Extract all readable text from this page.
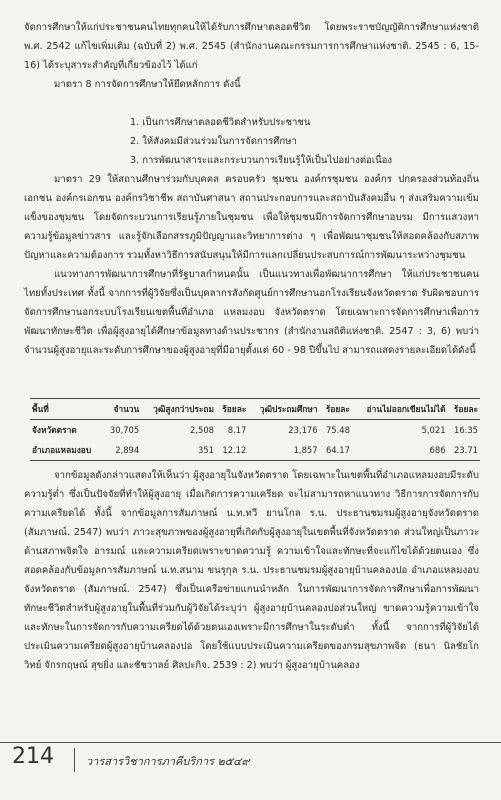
จัดการศึกษาให้แก่ประชาชนคนไทยทุกคนให้ได้รับการศึกษาตลอดชีวิต โดยพระราชบัญญัติการศึกษาแห่งชาติ พ.ศ. 2542 แก้ไขเพิ่มเติม (ฉบับที่ 2) พ.ศ. 2545 (สำนักงานคณะกรรมการการศึกษาแห่งชาติ. 2545 : 6, 15-16) ได้ระบุสาระสำคัญที่เกี่ยวข้องไว้ ได้แก่

มาตรา 8 การจัดการศึกษาให้ยึดหลักการ ดังนี้

1. เป็นการศึกษาตลอดชีวิตสำหรับประชาชน
2. ให้สังคมมีส่วนร่วมในการจัดการศึกษา
3. การพัฒนาสาระและกระบวนการเรียนรู้ให้เป็นไปอย่างต่อเนื่อง

มาตรา 29 ให้สถานศึกษาร่วมกับบุคคล ครอบครัว ชุมชน องค์กรชุมชน องค์กร ปกครองส่วนท้องถิ่น เอกชน องค์กรเอกชน องค์กรวิชาชีพ สถาบันศาสนา สถานประกอบการและสถาบันสังคมอื่น ๆ ส่งเสริมความเข้มแข็งของชุมชน โดยจัดกระบวนการเรียนรู้ภายในชุมชน เพื่อให้ชุมชนมีการจัดการศึกษาอบรม มีการแสวงหาความรู้ข้อมูลข่าวสาร และรู้จักเลือกสรรภูมิปัญญาและวิทยาการต่าง ๆ เพื่อพัฒนาชุมชนให้สอดคล้องกับสภาพปัญหาและความต้องการ รวมทั้งหาวิธีการสนับสนุนให้มีการแลกเปลี่ยนประสบการณ์การพัฒนาระหว่างชุมชน

แนวทางการพัฒนาการศึกษาที่รัฐบาลกำหนดนั้น เป็นแนวทางเพื่อพัฒนาการศึกษา ให้แก่ประชาชนคนไทยทั้งประเทศ ทั้งนี้ จากการที่ผู้วิจัยซึ่งเป็นบุคลากรสังกัดศูนย์การศึกษานอกโรงเรียนจังหวัดตราด รับผิดชอบการจัดการศึกษานอกระบบโรงเรียนเขตพื้นที่อำเภอ แหลมงอบ จังหวัดตราด โดยเฉพาะการจัดการศึกษาเพื่อการพัฒนาทักษะชีวิต เพื่อผู้สูงอายุได้ศึกษาข้อมูลทางด้านประชากร (สำนักงานสถิติแห่งชาติ. 2547 : 3, 6) พบว่า จำนวนผู้สูงอายุและระดับการศึกษาของผู้สูงอายุที่มีอายุตั้งแต่ 60 - 98 ปีขึ้นไป สามารถแสดงรายละเอียดได้ดังนี้

พื้นที่	จำนวน	วุฒิสูงกว่าประถม	ร้อยละ	วุฒิประถมศึกษา	ร้อยละ	อ่านไม่ออกเขียนไม่ได้	ร้อยละ
จังหวัดตราด	30,705	2,508	8.17	23,176	75.48	5,021	16.35
อำเภอแหลมงอบ	2,894	351	12.12	1,857	64.17	686	23.71

จากข้อมูลดังกล่าวแสดงให้เห็นว่า ผู้สูงอายุในจังหวัดตราด โดยเฉพาะในเขตพื้นที่อำเภอแหลมงอบมีระดับความรู้ต่ำ ซึ่งเป็นปัจจัยที่ทำให้ผู้สูงอายุ เมื่อเกิดการความเครียด จะไม่สามารถหาแนวทาง วิธีการการจัดการกับความเครียดได้ ทั้งนี้ จากข้อมูลการสัมภาษณ์ น.ท.ทวี ยานโกล ร.น. ประธานชมรมผู้สูงอายุจังหวัดตราด (สัมภาษณ์. 2547) พบว่า ภาวะสุขภาพของผู้สูงอายุที่เกิดกับผู้สูงอายุในเขตพื้นที่จังหวัดตราด ส่วนใหญ่เป็นภาวะด้านสภาพจิตใจ อารมณ์ และความเครียดเพราะขาดความรู้ ความเข้าใจและทักษะที่จะแก้ไขได้ด้วยตนเอง ซึ่งสอดคล้องกับข้อมูลการสัมภาษณ์ น.ท.สนาม ขนรุกุล ร.น. ประธานชมรมผู้สูงอายุบ้านคลองปอ อำเภอแหลมงอบ จังหวัดตราด (สัมภาษณ์. 2547) ซึ่งเป็นเครือข่ายแกนนำหลัก ในการพัฒนาการจัดการศึกษาเพื่อการพัฒนาทักษะชีวิตสำหรับผู้สูงอายุในพื้นที่ร่วมกับผู้วิจัยได้ระบุว่า ผู้สูงอายุบ้านคลองปอส่วนใหญ่ ขาดความรู้ความเข้าใจ และทักษะในการจัดการกับความเครียดได้ด้วยตนเองเพราะมีการศึกษาในระดับต่ำ ทั้งนี้ จากการที่ผู้วิจัยได้ประเมินความเครียดผู้สูงอายุบ้านคลองปอ โดยใช้แบบประเมินความเครียดของกรมสุขภาพจิต (ธนา นิลชัยโกวิทย์ จักรกฤษณ์ สุขยิ่ง และชัชวาลย์ ศิลปะกิจ. 2539 : 2) พบว่า ผู้สูงอายุบ้านคลอง

214	วารสารวิชาการภาคีบริการ ๒๕๔๙
